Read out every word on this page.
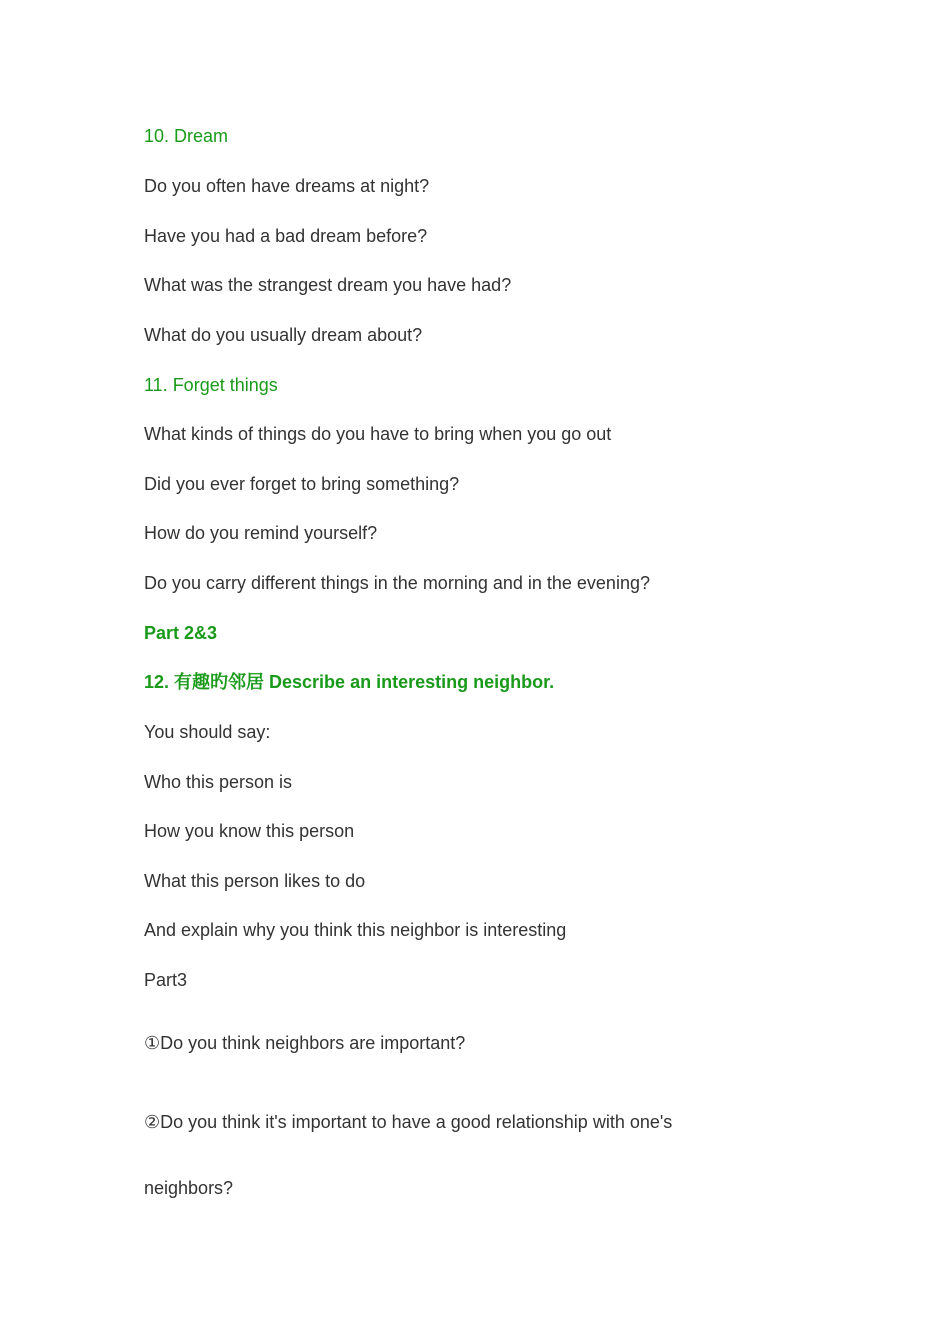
10. Dream
Do you often have dreams at night?
Have you had a bad dream before?
What was the strangest dream you have had?
What do you usually dream about?
11. Forget things
What kinds of things do you have to bring when you go out
Did you ever forget to bring something?
How do you remind yourself?
Do you carry different things in the morning and in the evening?
Part 2&3
12. 有趣旳邻居 Describe an interesting neighbor.
You should say:
Who this person is
How you know this person
What this person likes to do
And explain why you think this neighbor is interesting
Part3
①Do you think neighbors are important?
②Do you think it's important to have a good relationship with one's
neighbors?
